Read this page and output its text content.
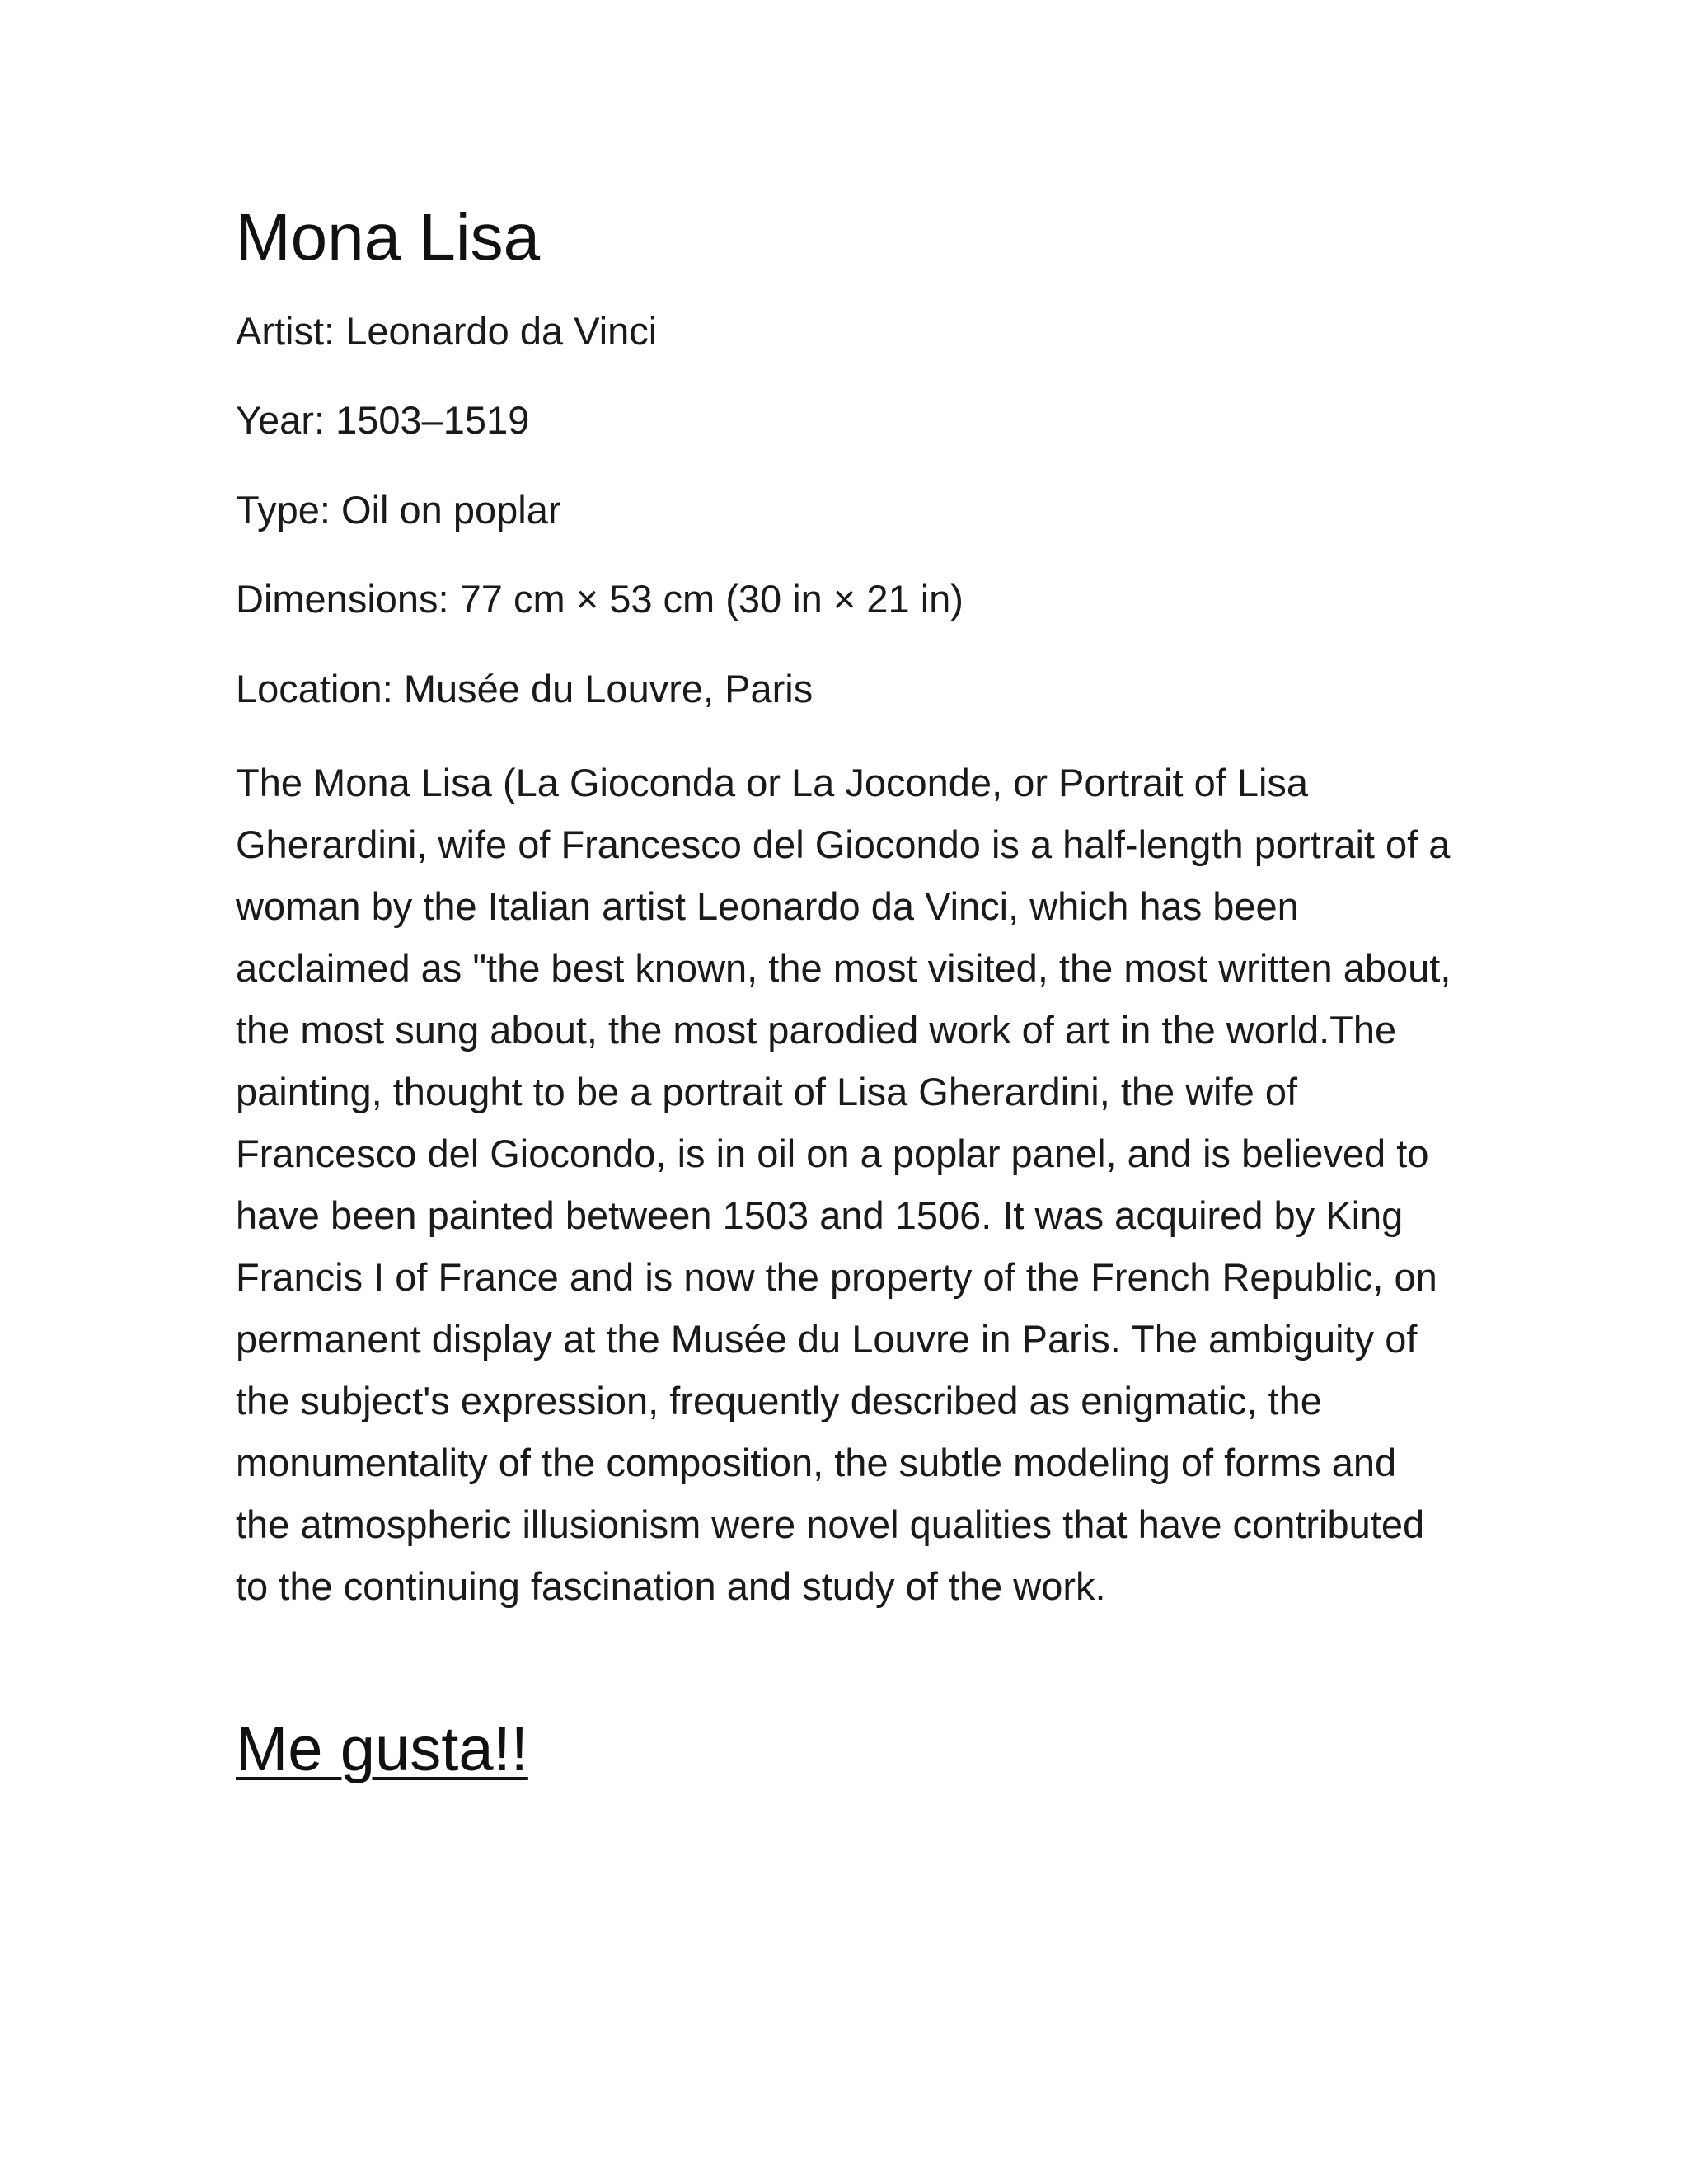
Mona Lisa

Artist: Leonardo da Vinci

Year: 1503–1519

Type: Oil on poplar

Dimensions: 77 cm × 53 cm (30 in × 21 in)

Location: Musée du Louvre, Paris

The Mona Lisa (La Gioconda or La Joconde, or Portrait of Lisa Gherardini, wife of Francesco del Giocondo is a half-length portrait of a woman by the Italian artist Leonardo da Vinci, which has been acclaimed as "the best known, the most visited, the most written about, the most sung about, the most parodied work of art in the world.The painting, thought to be a portrait of Lisa Gherardini, the wife of Francesco del Giocondo, is in oil on a poplar panel, and is believed to have been painted between 1503 and 1506. It was acquired by King Francis I of France and is now the property of the French Republic, on permanent display at the Musée du Louvre in Paris. The ambiguity of the subject's expression, frequently described as enigmatic, the monumentality of the composition, the subtle modeling of forms and the atmospheric illusionism were novel qualities that have contributed to the continuing fascination and study of the work.

Me gusta!!
